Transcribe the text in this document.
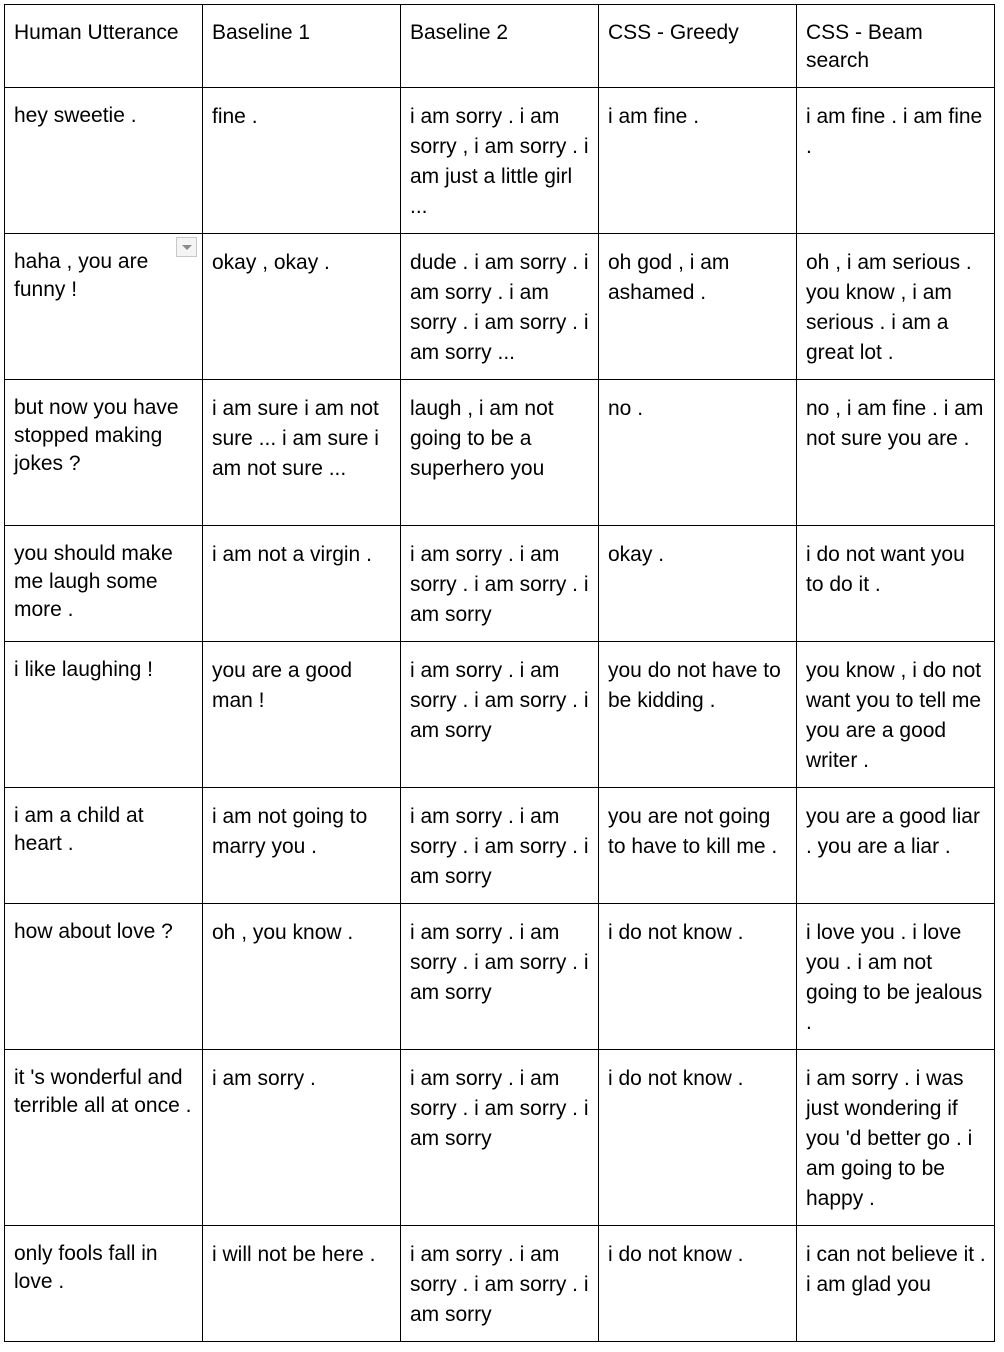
Human Utterance	Baseline 1	Baseline 2	CSS - Greedy	CSS - Beam search
hey sweetie .	fine .	i am sorry . i am sorry , i am sorry . i am just a little girl ...	i am fine .	i am fine . i am fine .
haha , you are funny !	okay , okay .	dude . i am sorry . i am sorry . i am sorry . i am sorry . i am sorry ...	oh god , i am ashamed .	oh , i am serious . you know , i am serious . i am a great lot .
but now you have stopped making jokes ?	i am sure i am not sure ... i am sure i am not sure ...	laugh , i am not going to be a superhero you	no .	no , i am fine . i am not sure you are .
you should make me laugh some more .	i am not a virgin .	i am sorry . i am sorry . i am sorry . i am sorry	okay .	i do not want you to do it .
i like laughing !	you are a good man !	i am sorry . i am sorry . i am sorry . i am sorry	you do not have to be kidding .	you know , i do not want you to tell me you are a good writer .
i am a child at heart .	i am not going to marry you .	i am sorry . i am sorry . i am sorry . i am sorry	you are not going to have to kill me .	you are a good liar . you are a liar .
how about love ?	oh , you know .	i am sorry . i am sorry . i am sorry . i am sorry	i do not know .	i love you . i love you . i am not going to be jealous .
it 's wonderful and terrible all at once .	i am sorry .	i am sorry . i am sorry . i am sorry . i am sorry	i do not know .	i am sorry . i was just wondering if you 'd better go . i am going to be happy .
only fools fall in love .	i will not be here .	i am sorry . i am sorry . i am sorry . i am sorry	i do not know .	i can not believe it . i am glad you
